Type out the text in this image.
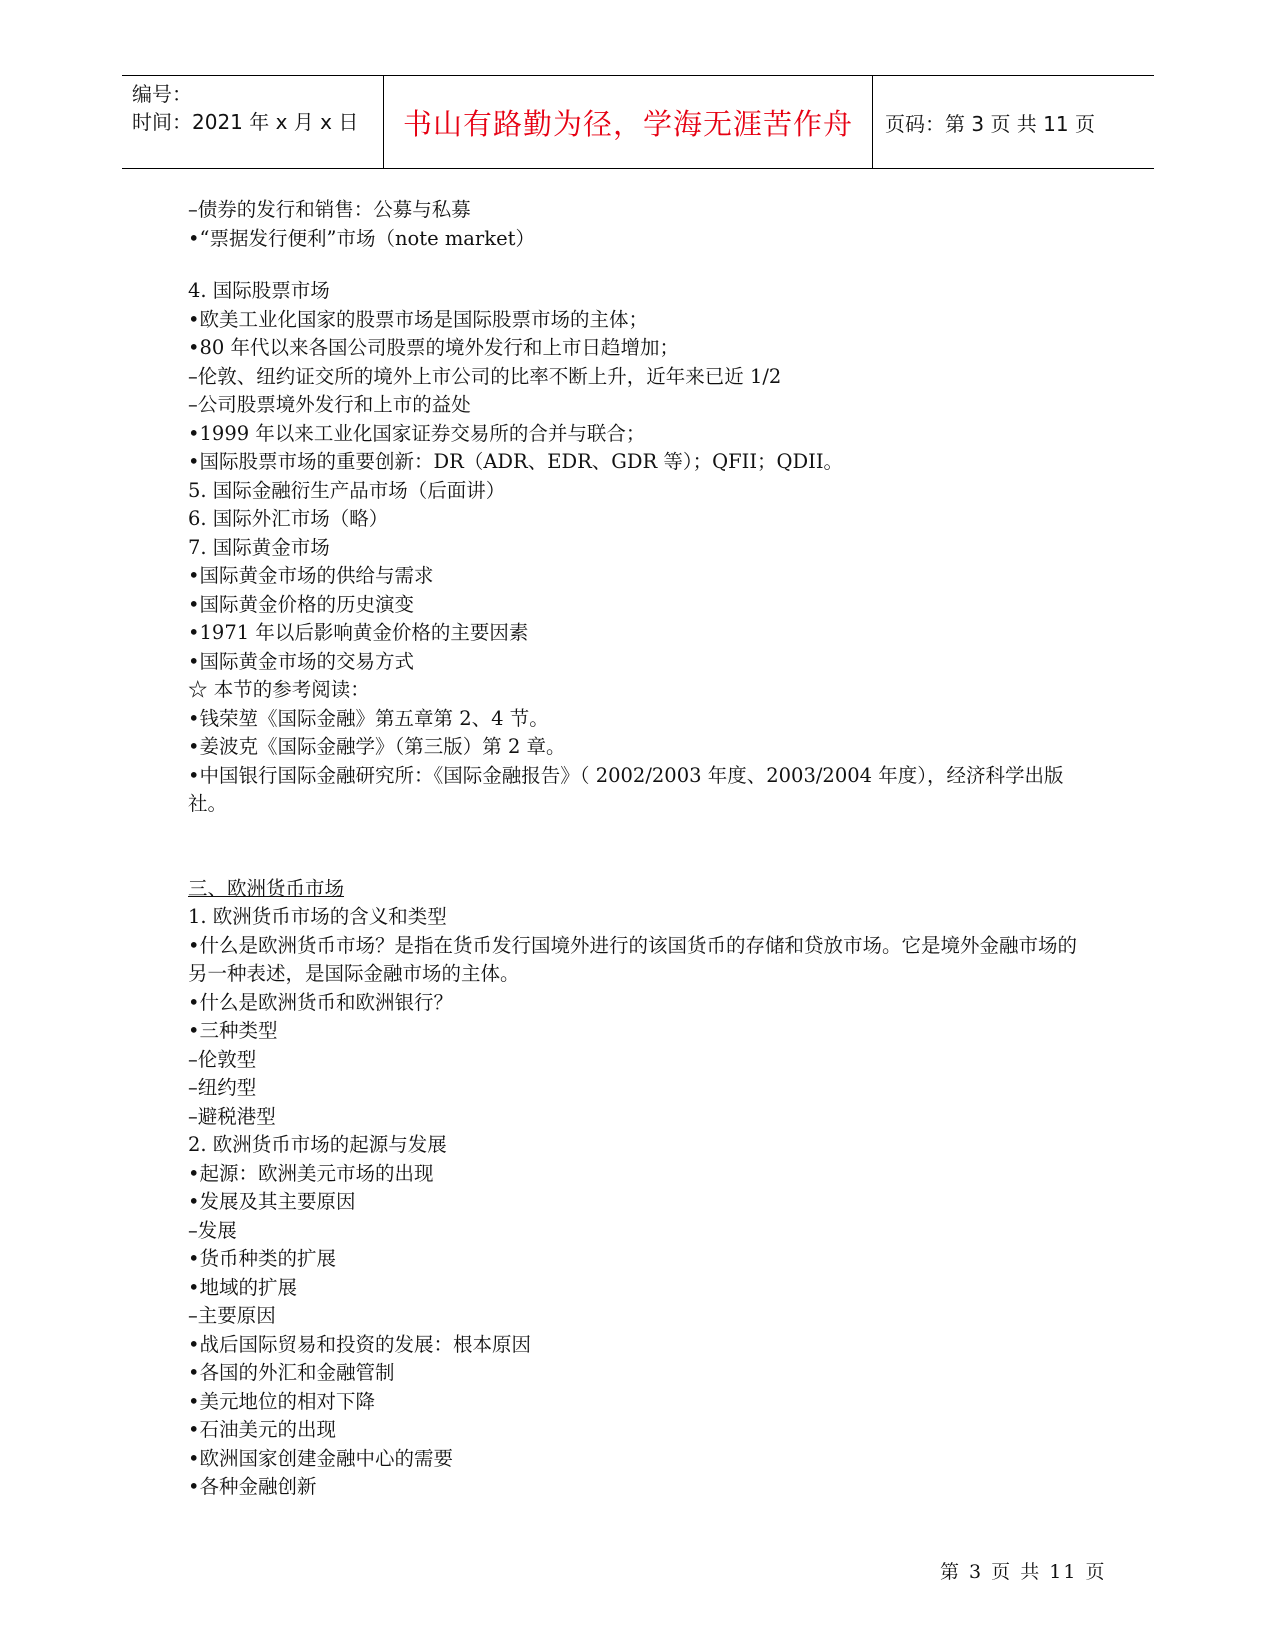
编号：
时间：2021 年 x 月 x 日	书山有路勤为径，学海无涯苦作舟	页码：第 3 页 共 11 页
–债券的发行和销售：公募与私募
•“票据发行便利”市场（note market）
4. 国际股票市场
•欧美工业化国家的股票市场是国际股票市场的主体；
•80 年代以来各国公司股票的境外发行和上市日趋增加；
–伦敦、纽约证交所的境外上市公司的比率不断上升，近年来已近 1/2
–公司股票境外发行和上市的益处
•1999 年以来工业化国家证券交易所的合并与联合；
•国际股票市场的重要创新：DR（ADR、EDR、GDR 等）；QFII；QDII。
5. 国际金融衍生产品市场（后面讲）
6. 国际外汇市场（略）
7. 国际黄金市场
•国际黄金市场的供给与需求
•国际黄金价格的历史演变
•1971 年以后影响黄金价格的主要因素
•国际黄金市场的交易方式
☆ 本节的参考阅读：
•钱荣堃《国际金融》第五章第 2、4 节。
•姜波克《国际金融学》（第三版）第 2 章。
•中国银行国际金融研究所：《国际金融报告》（ 2002/2003 年度、2003/2004 年度），经济科学出版社。
三、欧洲货币市场
1. 欧洲货币市场的含义和类型
•什么是欧洲货币市场？是指在货币发行国境外进行的该国货币的存储和贷放市场。它是境外金融市场的另一种表述，是国际金融市场的主体。
•什么是欧洲货币和欧洲银行？
•三种类型
–伦敦型
–纽约型
–避税港型
2. 欧洲货币市场的起源与发展
•起源：欧洲美元市场的出现
•发展及其主要原因
–发展
•货币种类的扩展
•地域的扩展
–主要原因
•战后国际贸易和投资的发展：根本原因
•各国的外汇和金融管制
•美元地位的相对下降
•石油美元的出现
•欧洲国家创建金融中心的需要
•各种金融创新
第 3 页 共 11 页
